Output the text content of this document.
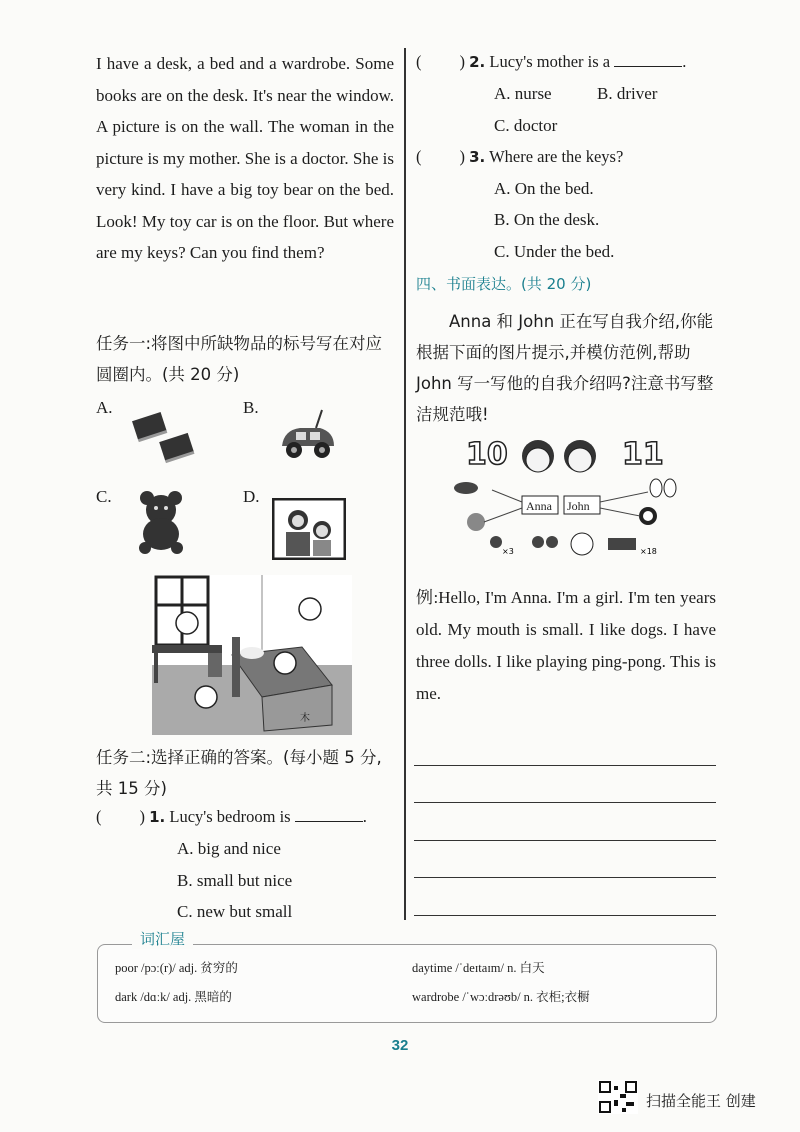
I have a desk, a bed and a wardrobe. Some books are on the desk. It's near the window. A picture is on the wall. The woman in the picture is my mother. She is a doctor. She is very kind. I have a big toy bear on the bed. Look! My toy car is on the floor. But where are my keys? Can you find them?

任务一:将图中所缺物品的标号写在对应圆圈内。(共 20 分)
A.	B.
C.	D.
木
任务二:选择正确的答案。(每小题 5 分,共 15 分)
( ) 1. Lucy's bedroom is	.
A. big and nice
B. small but nice
C. new but small
( ) 2. Lucy's mother is a	.
A. nurse	B. driver
C. doctor
( ) 3. Where are the keys?
A. On the bed.
B. On the desk.
C. Under the bed.
四、书面表达。(共 20 分)
Anna 和 John 正在写自我介绍,你能根据下面的图片提示,并模仿范例,帮助 John 写一写他的自我介绍吗?注意书写整洁规范哦!
10	11
Anna John
×3	×18
例:Hello, I'm Anna. I'm a girl. I'm ten years old. My mouth is small. I like dogs. I have three dolls. I like playing ping-pong. This is me.
词汇屋
poor /pɔː(r)/ adj. 贫穷的	daytime /ˈdeɪtaɪm/ n. 白天
dark /dɑːk/ adj. 黑暗的	wardrobe /ˈwɔːdrəʊb/ n. 衣柜;衣橱
32
扫描全能王 创建
